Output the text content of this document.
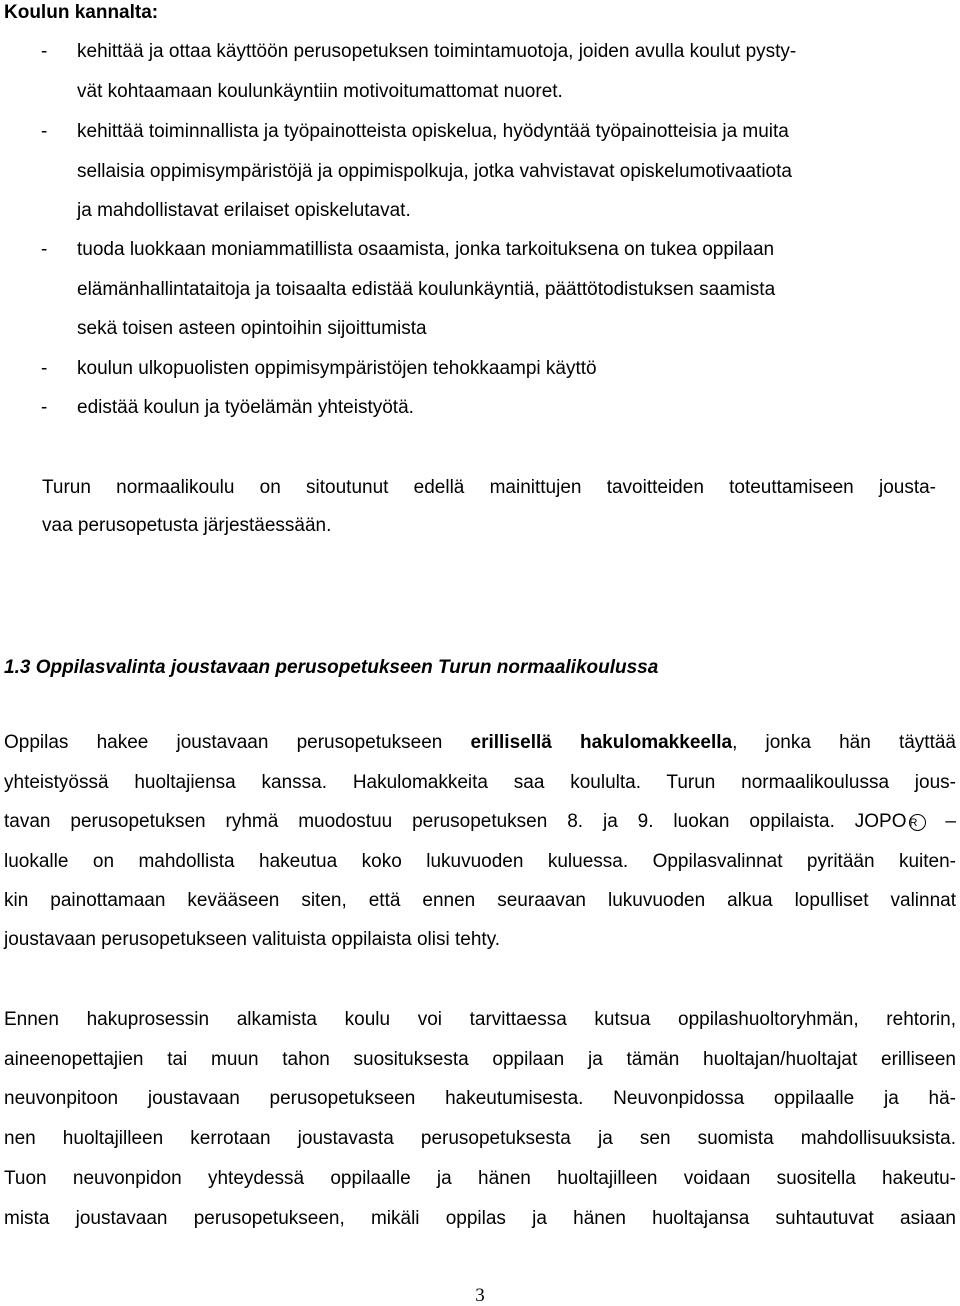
Koulun kannalta:
- kehittää ja ottaa käyttöön perusopetuksen toimintamuotoja, joiden avulla koulut pysty-
vät kohtaamaan koulunkäyntiin motivoitumattomat nuoret.
- kehittää toiminnallista ja työpainotteista opiskelua, hyödyntää työpainotteisia ja muita
sellaisia oppimisympäristöjä ja oppimispolkuja, jotka vahvistavat opiskelumotivaatiota
ja mahdollistavat erilaiset opiskelutavat.
- tuoda luokkaan moniammatillista osaamista, jonka tarkoituksena on tukea oppilaan
elämänhallintataitoja ja toisaalta edistää koulunkäyntiä, päättötodistuksen saamista
sekä toisen asteen opintoihin sijoittumista
- koulun ulkopuolisten oppimisympäristöjen tehokkaampi käyttö
- edistää koulun ja työelämän yhteistyötä.
Turun normaalikoulu on sitoutunut edellä mainittujen tavoitteiden toteuttamiseen jousta-
vaa perusopetusta järjestäessään.
1.3 Oppilasvalinta joustavaan perusopetukseen Turun normaalikoulussa
Oppilas hakee joustavaan perusopetukseen erillisellä hakulomakkeella, jonka hän täyttää
yhteistyössä huoltajiensa kanssa. Hakulomakkeita saa koululta. Turun normaalikoulussa jous-
tavan perusopetuksen ryhmä muodostuu perusopetuksen 8. ja 9. luokan oppilaista. JOPO R –
luokalle on mahdollista hakeutua koko lukuvuoden kuluessa. Oppilasvalinnat pyritään kuiten-
kin painottamaan kevääseen siten, että ennen seuraavan lukuvuoden alkua lopulliset valinnat
joustavaan perusopetukseen valituista oppilaista olisi tehty.
Ennen hakuprosessin alkamista koulu voi tarvittaessa kutsua oppilashuoltoryhmän, rehtorin,
aineenopettajien tai muun tahon suosituksesta oppilaan ja tämän huoltajan/huoltajat erilliseen
neuvonpitoon joustavaan perusopetukseen hakeutumisesta. Neuvonpidossa oppilaalle ja hä-
nen huoltajilleen kerrotaan joustavasta perusopetuksesta ja sen suomista mahdollisuuksista.
Tuon neuvonpidon yhteydessä oppilaalle ja hänen huoltajilleen voidaan suositella hakeutu-
mista joustavaan perusopetukseen, mikäli oppilas ja hänen huoltajansa suhtautuvat asiaan
3
